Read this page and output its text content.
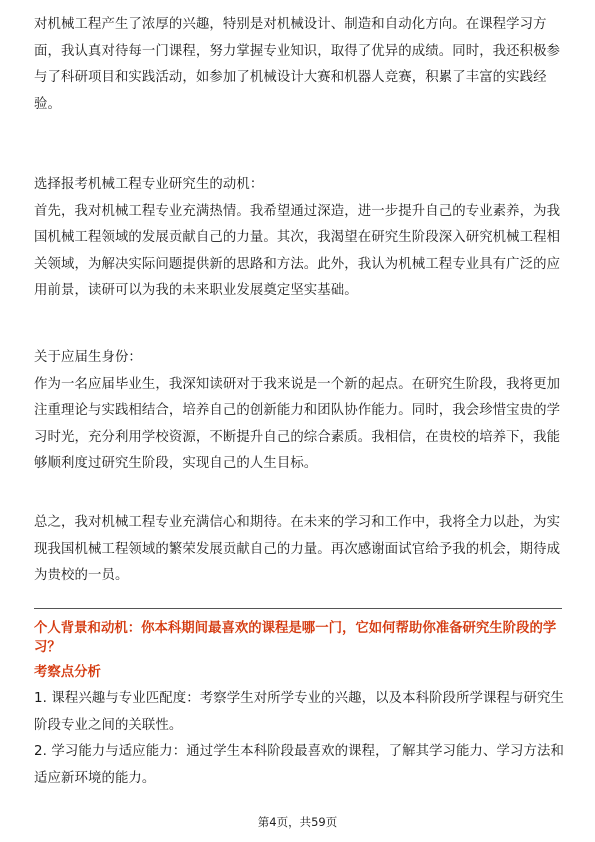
对机械工程产生了浓厚的兴趣，特别是对机械设计、制造和自动化方向。在课程学习方面，我认真对待每一门课程，努力掌握专业知识，取得了优异的成绩。同时，我还积极参与了科研项目和实践活动，如参加了机械设计大赛和机器人竞赛，积累了丰富的实践经验。

选择报考机械工程专业研究生的动机：

首先，我对机械工程专业充满热情。我希望通过深造，进一步提升自己的专业素养，为我国机械工程领域的发展贡献自己的力量。其次，我渴望在研究生阶段深入研究机械工程相关领域，为解决实际问题提供新的思路和方法。此外，我认为机械工程专业具有广泛的应用前景，读研可以为我的未来职业发展奠定坚实基础。

关于应届生身份：

作为一名应届毕业生，我深知读研对于我来说是一个新的起点。在研究生阶段，我将更加注重理论与实践相结合，培养自己的创新能力和团队协作能力。同时，我会珍惜宝贵的学习时光，充分利用学校资源，不断提升自己的综合素质。我相信，在贵校的培养下，我能够顺利度过研究生阶段，实现自己的人生目标。

总之，我对机械工程专业充满信心和期待。在未来的学习和工作中，我将全力以赴，为实现我国机械工程领域的繁荣发展贡献自己的力量。再次感谢面试官给予我的机会，期待成为贵校的一员。

个人背景和动机：你本科期间最喜欢的课程是哪一门，它如何帮助你准备研究生阶段的学习？

考察点分析

1. 课程兴趣与专业匹配度：考察学生对所学专业的兴趣，以及本科阶段所学课程与研究生阶段专业之间的关联性。

2. 学习能力与适应能力：通过学生本科阶段最喜欢的课程，了解其学习能力、学习方法和适应新环境的能力。

第4页，共59页
